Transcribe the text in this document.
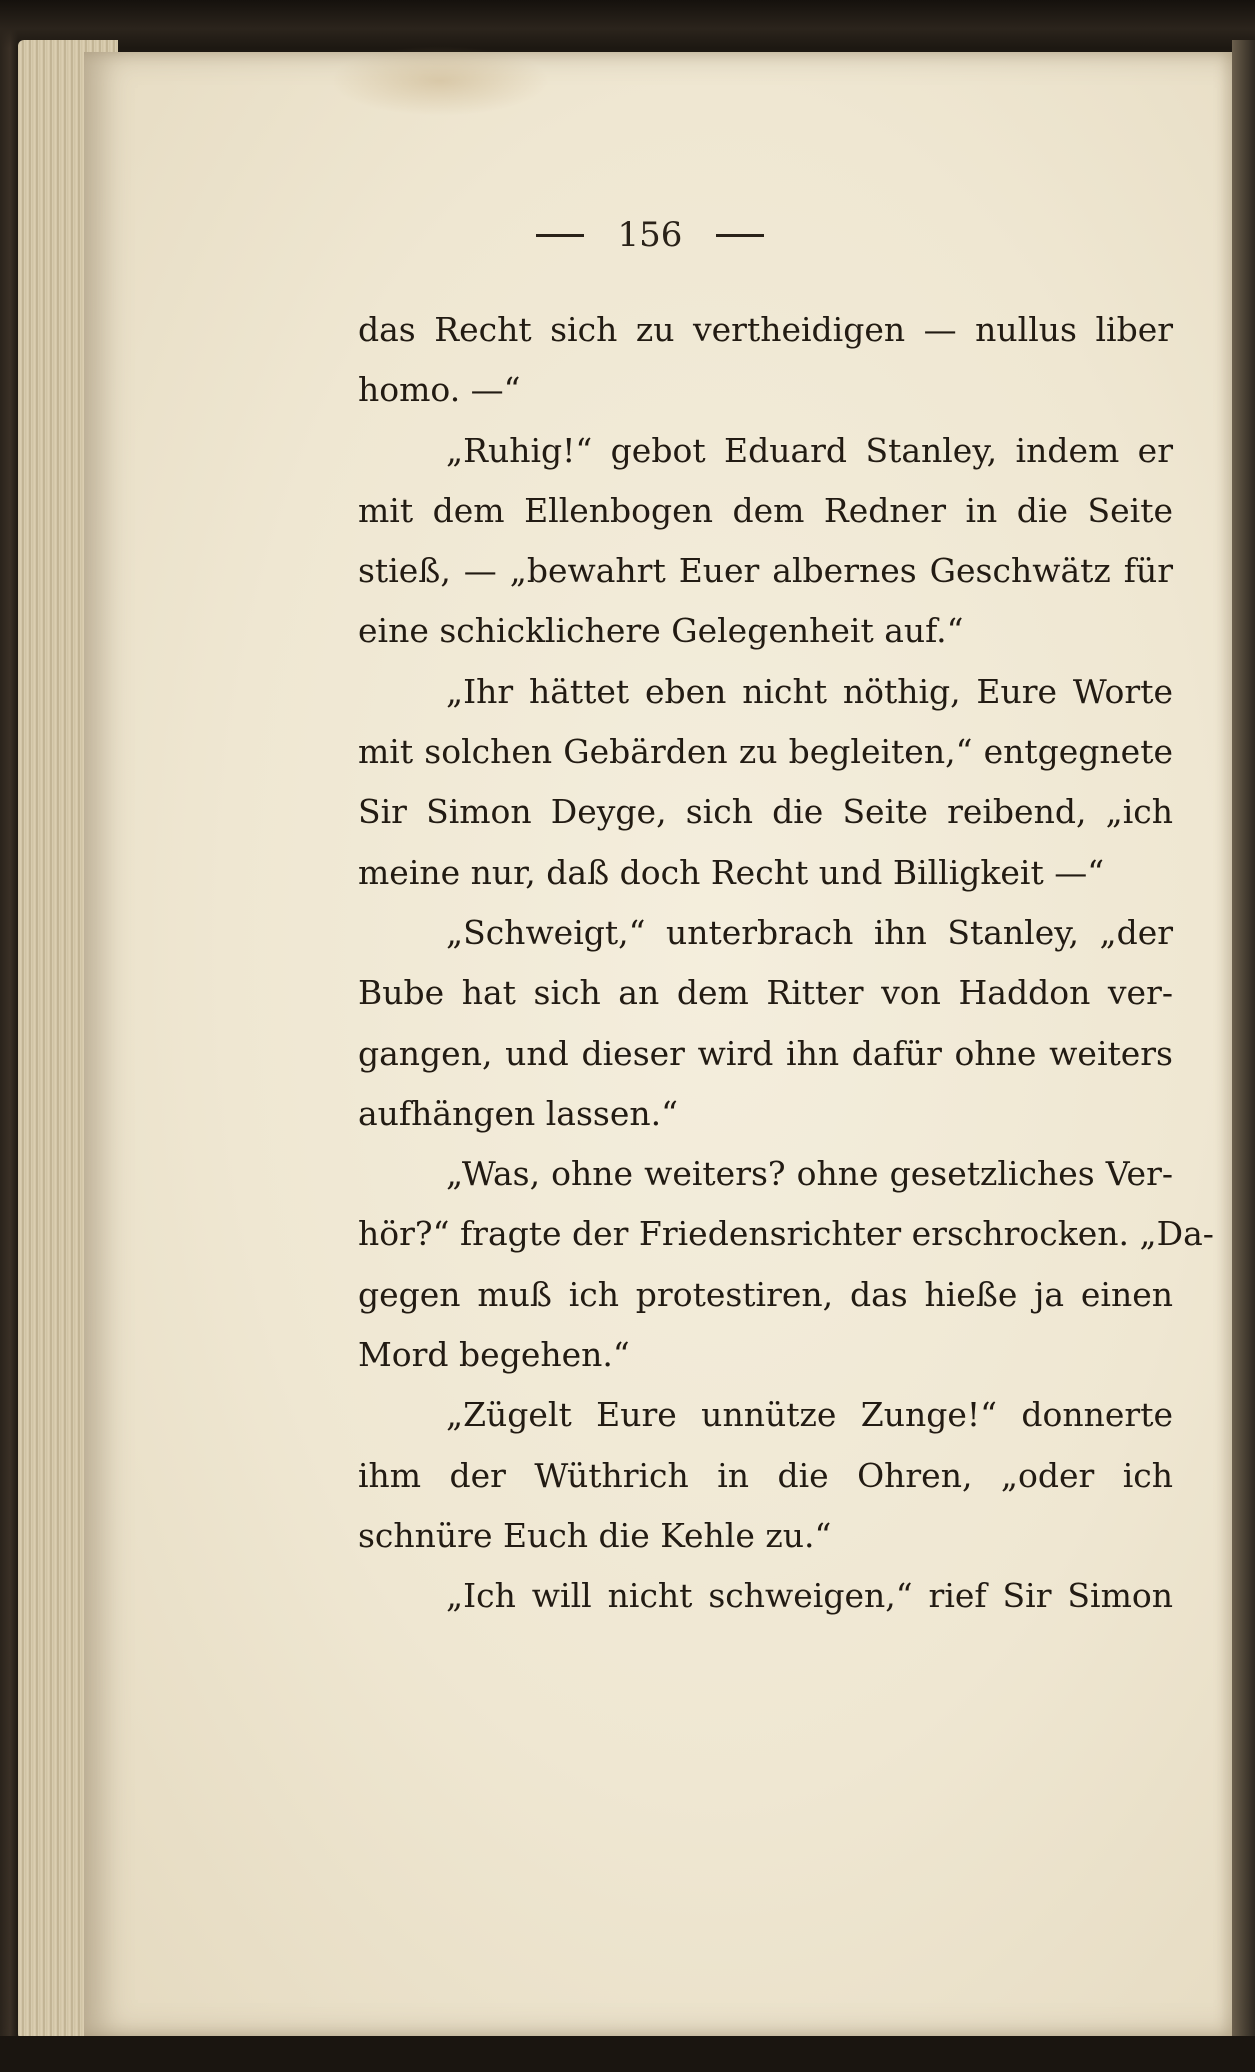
156
das Recht sich zu vertheidigen — nullus liber
homo. —“
„Ruhig!“ gebot Eduard Stanley, indem er
mit dem Ellenbogen dem Redner in die Seite
stieß, — „bewahrt Euer albernes Geschwätz für
eine schicklichere Gelegenheit auf.“
„Ihr hättet eben nicht nöthig, Eure Worte
mit solchen Gebärden zu begleiten,“ entgegnete
Sir Simon Deyge, sich die Seite reibend, „ich
meine nur, daß doch Recht und Billigkeit —“
„Schweigt,“ unterbrach ihn Stanley, „der
Bube hat sich an dem Ritter von Haddon ver-
gangen, und dieser wird ihn dafür ohne weiters
aufhängen lassen.“
„Was, ohne weiters? ohne gesetzliches Ver-
hör?“ fragte der Friedensrichter erschrocken. „Da-
gegen muß ich protestiren, das hieße ja einen
Mord begehen.“
„Zügelt Eure unnütze Zunge!“ donnerte
ihm der Wüthrich in die Ohren, „oder ich
schnüre Euch die Kehle zu.“
„Ich will nicht schweigen,“ rief Sir Simon
